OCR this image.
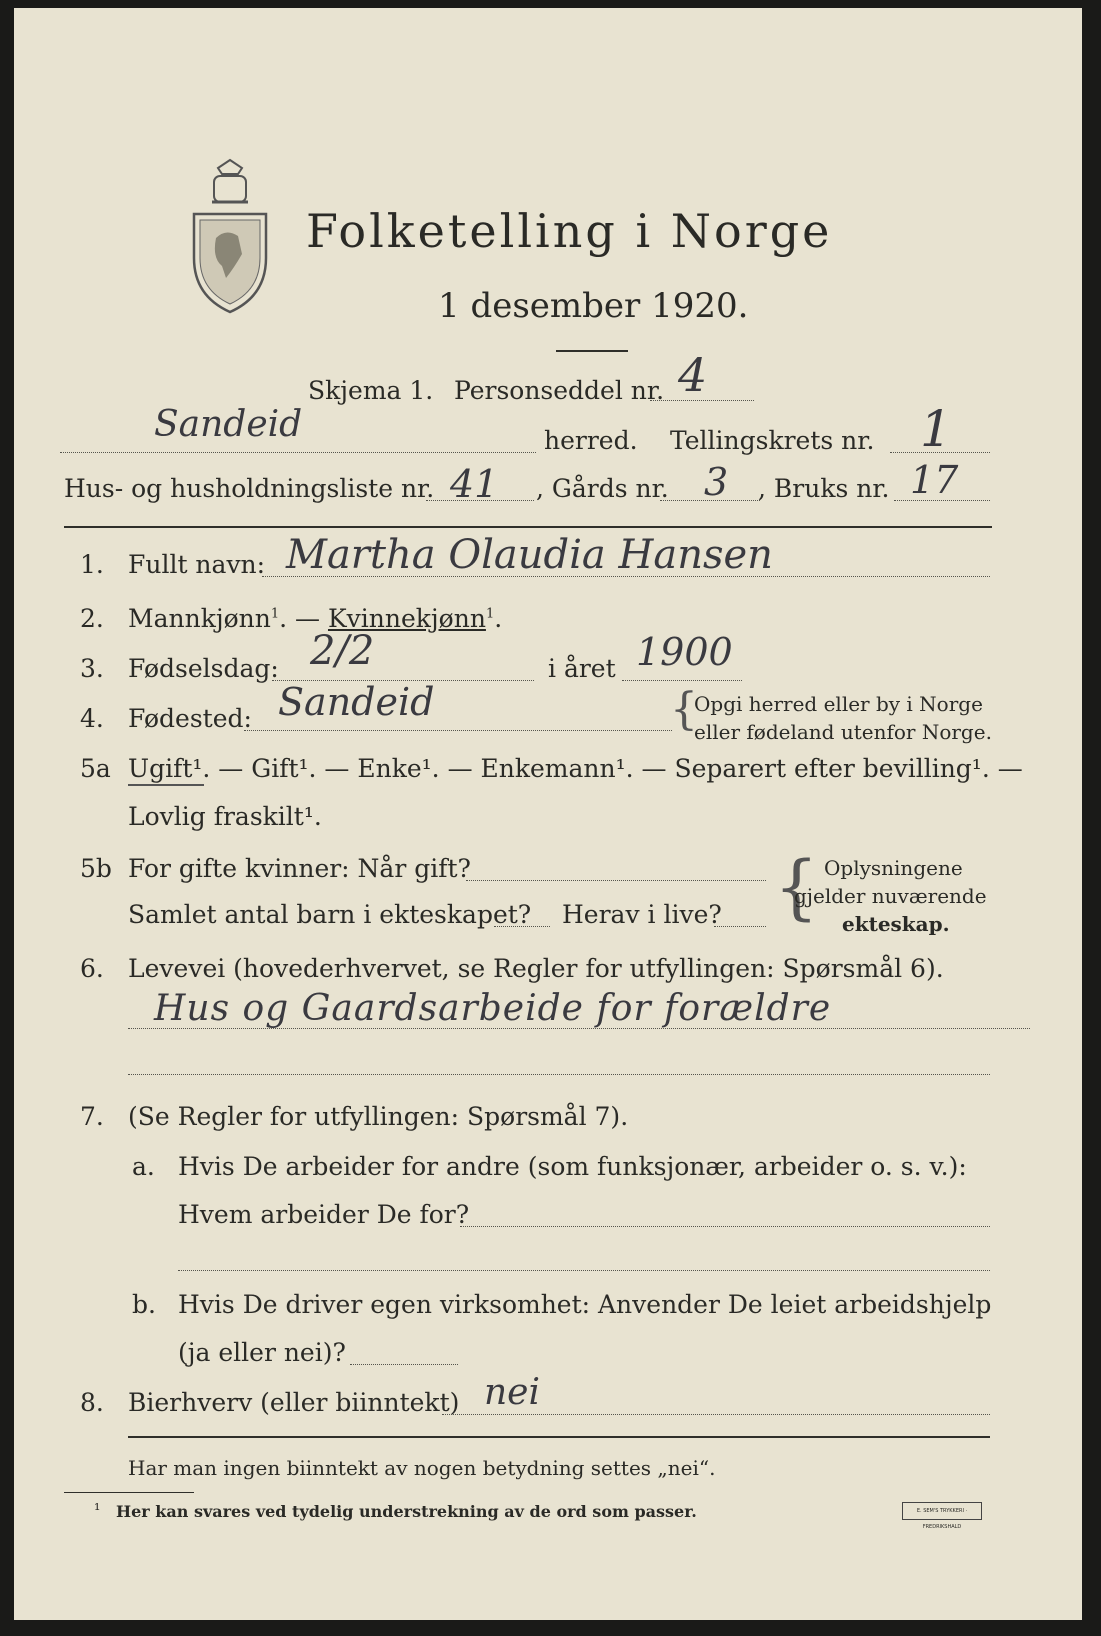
Folketelling i Norge
1 desember 1920.
Skjema 1. Personseddel nr. 4
Sandeid	herred. Tellingskrets nr. 1
Hus- og husholdningsliste nr. 41 , Gårds nr. 3 , Bruks nr. 17
1. Fullt navn: Martha Olaudia Hansen
2. Mannkjønn$^1$. — Kvinnekjønn$^1$.
3. Fødselsdag: 2/2	i året 1900
4. Fødested: Sandeid	{
Opgi herred eller by i Norge
eller fødeland utenfor Norge.
5a Ugift¹. — Gift¹. — Enke¹. — Enkemann¹. — Separert efter bevilling¹. —
Lovlig fraskilt¹.
5b For gifte kvinner: Når gift?
Samlet antal barn i ekteskapet? Herav i live? { Oplysningene
gjelder nuværende
ekteskap.
6. Levevei (hovederhvervet, se Regler for utfyllingen: Spørsmål 6).
Hus og Gaardsarbeide for forældre
7. (Se Regler for utfyllingen: Spørsmål 7).
a. Hvis De arbeider for andre (som funksjonær, arbeider o. s. v.):
Hvem arbeider De for?
b. Hvis De driver egen virksomhet: Anvender De leiet arbeidshjelp
(ja eller nei)?
8. Bierhverv (eller biinntekt) nei
Har man ingen biinntekt av nogen betydning settes „nei“.
¹ Her kan svares ved tydelig understrekning av de ord som passer.	E. SEM'S TRYKKERI · FREDRIKSHALD
